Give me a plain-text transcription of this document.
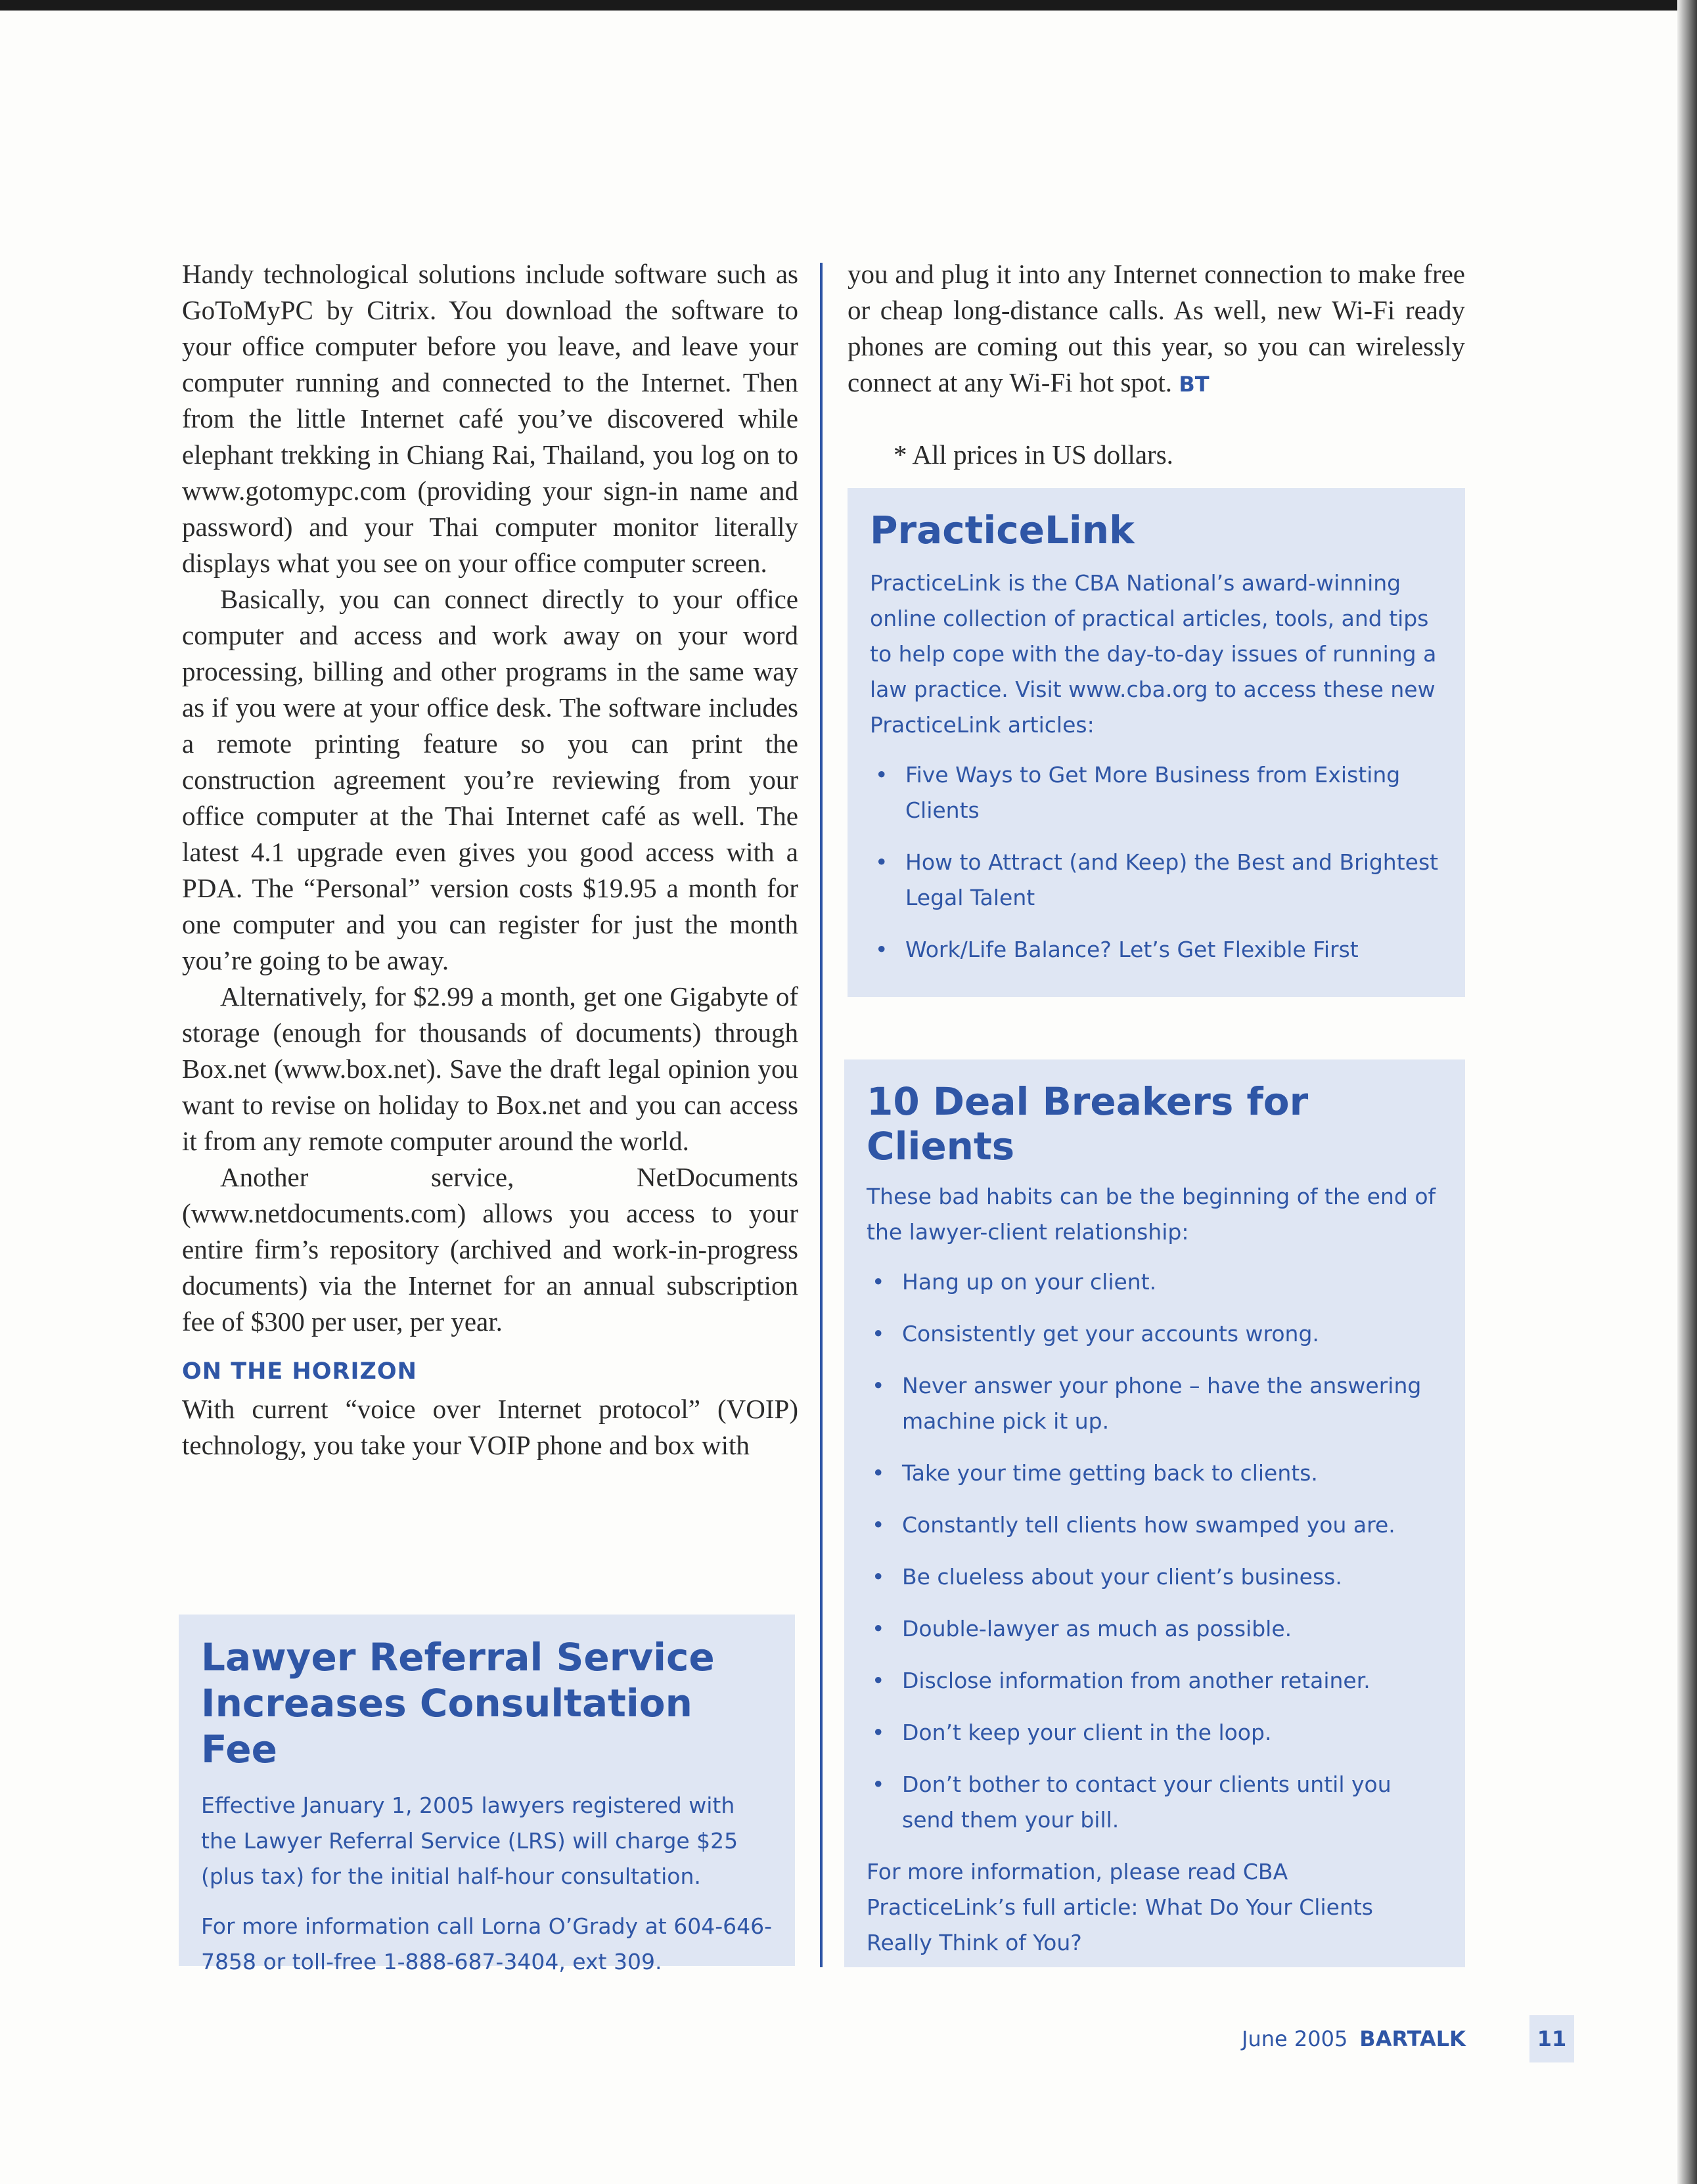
Handy technological solutions include software such as GoToMyPC by Citrix. You download the software to your office computer before you leave, and leave your computer running and connected to the Internet. Then from the little Internet café you’ve discovered while elephant trekking in Chiang Rai, Thailand, you log on to www.gotomypc.com (providing your sign-in name and password) and your Thai computer monitor literally displays what you see on your office computer screen.

Basically, you can connect directly to your office computer and access and work away on your word processing, billing and other programs in the same way as if you were at your office desk. The software includes a remote printing feature so you can print the construction agreement you’re reviewing from your office computer at the Thai Internet café as well. The latest 4.1 upgrade even gives you good access with a PDA. The “Personal” version costs $19.95 a month for one computer and you can register for just the month you’re going to be away.

Alternatively, for $2.99 a month, get one Gigabyte of storage (enough for thousands of documents) through Box.net (www.box.net). Save the draft legal opinion you want to revise on holiday to Box.net and you can access it from any remote computer around the world.

Another service, NetDocuments (www.netdocuments.com) allows you access to your entire firm’s repository (archived and work-in-progress documents) via the Internet for an annual subscription fee of $300 per user, per year.

ON THE HORIZON

With current “voice over Internet protocol” (VOIP) technology, you take your VOIP phone and box with

you and plug it into any Internet connection to make free or cheap long-distance calls. As well, new Wi-Fi ready phones are coming out this year, so you can wirelessly connect at any Wi-Fi hot spot. BT

* All prices in US dollars.
PracticeLink

PracticeLink is the CBA National’s award-winning online collection of practical articles, tools, and tips to help cope with the day-to-day issues of running a law practice. Visit www.cba.org to access these new PracticeLink articles:

• Five Ways to Get More Business from Existing Clients
• How to Attract (and Keep) the Best and Brightest Legal Talent
• Work/Life Balance? Let’s Get Flexible First
10 Deal Breakers for Clients

These bad habits can be the beginning of the end of the lawyer-client relationship:

• Hang up on your client.
• Consistently get your accounts wrong.
• Never answer your phone – have the answering machine pick it up.
• Take your time getting back to clients.
• Constantly tell clients how swamped you are.
• Be clueless about your client’s business.
• Double-lawyer as much as possible.
• Disclose information from another retainer.
• Don’t keep your client in the loop.
• Don’t bother to contact your clients until you send them your bill.

For more information, please read CBA PracticeLink’s full article: What Do Your Clients Really Think of You?

Lawyer Referral Service
Increases Consultation Fee

Effective January 1, 2005 lawyers registered with the Lawyer Referral Service (LRS) will charge $25 (plus tax) for the initial half-hour consultation.

For more information call Lorna O’Grady at 604-646-7858 or toll-free 1-888-687-3404, ext 309.

June 2005 BARTALK	11
